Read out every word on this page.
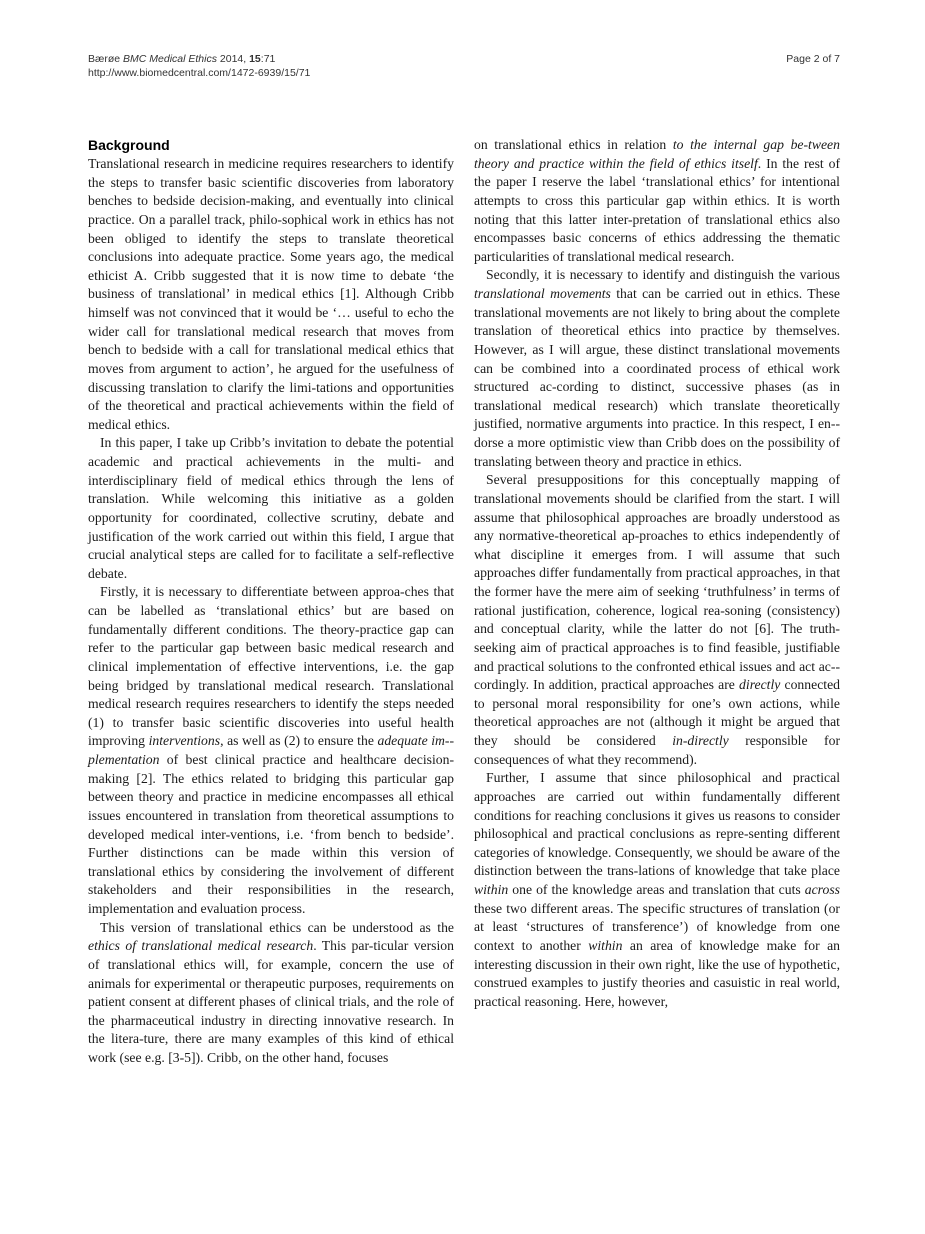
Bærøe BMC Medical Ethics 2014, 15:71
http://www.biomedcentral.com/1472-6939/15/71
Page 2 of 7
Background

Translational research in medicine requires researchers to identify the steps to transfer basic scientific discoveries from laboratory benches to bedside decision-making, and eventually into clinical practice. On a parallel track, philo-sophical work in ethics has not been obliged to identify the steps to translate theoretical conclusions into adequate practice. Some years ago, the medical ethicist A. Cribb suggested that it is now time to debate ‘the business of translational’ in medical ethics [1]. Although Cribb himself was not convinced that it would be ‘… useful to echo the wider call for translational medical research that moves from bench to bedside with a call for translational medical ethics that moves from argument to action’, he argued for the usefulness of discussing translation to clarify the limi-tations and opportunities of the theoretical and practical achievements within the field of medical ethics.

In this paper, I take up Cribb’s invitation to debate the potential academic and practical achievements in the multi- and interdisciplinary field of medical ethics through the lens of translation. While welcoming this initiative as a golden opportunity for coordinated, collective scrutiny, debate and justification of the work carried out within this field, I argue that crucial analytical steps are called for to facilitate a self-reflective debate.

Firstly, it is necessary to differentiate between approa-ches that can be labelled as ‘translational ethics’ but are based on fundamentally different conditions. The theory-practice gap can refer to the particular gap between basic medical research and clinical implementation of effective interventions, i.e. the gap being bridged by translational medical research. Translational medical research requires researchers to identify the steps needed (1) to transfer basic scientific discoveries into useful health improving interventions, as well as (2) to ensure the adequate im-plementation of best clinical practice and healthcare decision-making [2]. The ethics related to bridging this particular gap between theory and practice in medicine encompasses all ethical issues encountered in translation from theoretical assumptions to developed medical inter-ventions, i.e. ‘from bench to bedside’. Further distinctions can be made within this version of translational ethics by considering the involvement of different stakeholders and their responsibilities in the research, implementation and evaluation process.

This version of translational ethics can be understood as the ethics of translational medical research. This par-ticular version of translational ethics will, for example, concern the use of animals for experimental or therapeutic purposes, requirements on patient consent at different phases of clinical trials, and the role of the pharmaceutical industry in directing innovative research. In the litera-ture, there are many examples of this kind of ethical work (see e.g. [3-5]). Cribb, on the other hand, focuses

on translational ethics in relation to the internal gap be-tween theory and practice within the field of ethics itself. In the rest of the paper I reserve the label ‘translational ethics’ for intentional attempts to cross this particular gap within ethics. It is worth noting that this latter inter-pretation of translational ethics also encompasses basic concerns of ethics addressing the thematic particularities of translational medical research.

Secondly, it is necessary to identify and distinguish the various translational movements that can be carried out in ethics. These translational movements are not likely to bring about the complete translation of theoretical ethics into practice by themselves. However, as I will argue, these distinct translational movements can be combined into a coordinated process of ethical work structured ac-cording to distinct, successive phases (as in translational medical research) which translate theoretically justified, normative arguments into practice. In this respect, I en-dorse a more optimistic view than Cribb does on the possibility of translating between theory and practice in ethics.

Several presuppositions for this conceptually mapping of translational movements should be clarified from the start. I will assume that philosophical approaches are broadly understood as any normative-theoretical ap-proaches to ethics independently of what discipline it emerges from. I will assume that such approaches differ fundamentally from practical approaches, in that the former have the mere aim of seeking ‘truthfulness’ in terms of rational justification, coherence, logical rea-soning (consistency) and conceptual clarity, while the latter do not [6]. The truth-seeking aim of practical approaches is to find feasible, justifiable and practical solutions to the confronted ethical issues and act ac-cordingly. In addition, practical approaches are directly connected to personal moral responsibility for one’s own actions, while theoretical approaches are not (although it might be argued that they should be considered in-directly responsible for consequences of what they recommend).

Further, I assume that since philosophical and practical approaches are carried out within fundamentally different conditions for reaching conclusions it gives us reasons to consider philosophical and practical conclusions as repre-senting different categories of knowledge. Consequently, we should be aware of the distinction between the trans-lations of knowledge that take place within one of the knowledge areas and translation that cuts across these two different areas. The specific structures of translation (or at least ‘structures of transference’) of knowledge from one context to another within an area of knowledge make for an interesting discussion in their own right, like the use of hypothetic, construed examples to justify theories and casuistic in real world, practical reasoning. Here, however,
